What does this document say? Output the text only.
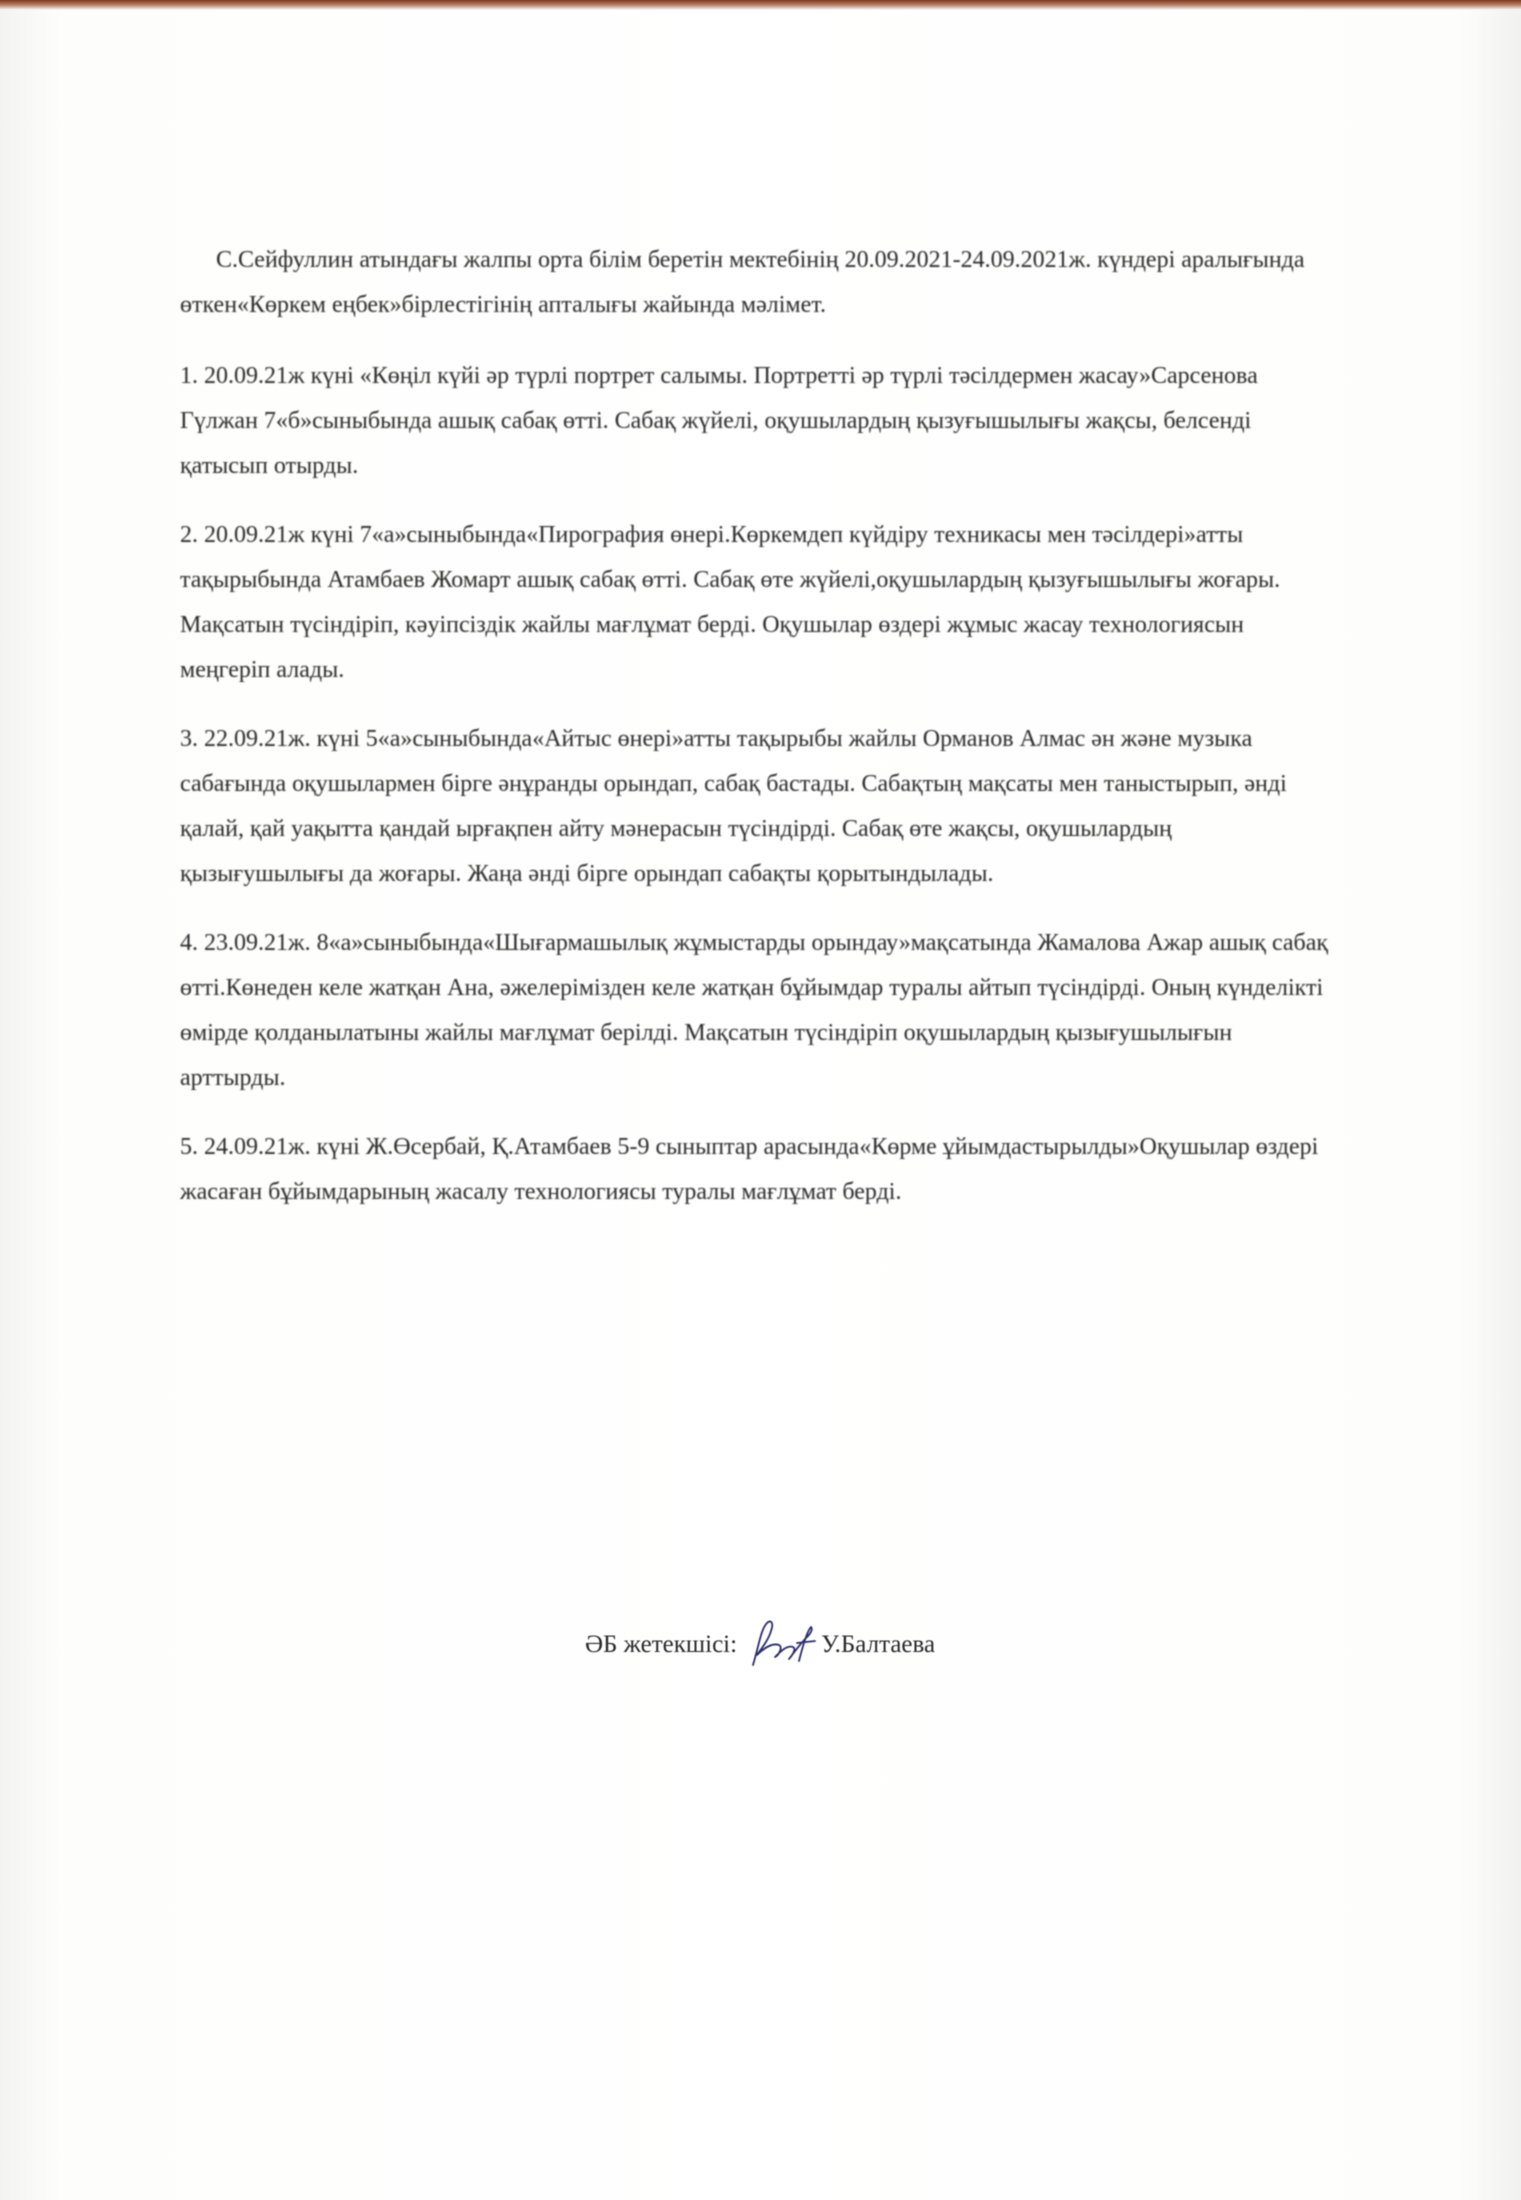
С.Сейфуллин атындағы жалпы орта білім беретін мектебінің 20.09.2021-24.09.2021ж. күндері аралығында өткен«Көркем еңбек»бірлестігінің апталығы жайында мәлімет.

1. 20.09.21ж күні «Көңіл күйі әр түрлі портрет салымы. Портретті әр түрлі тәсілдермен жасау»Сарсенова Гүлжан 7«б»сыныбында ашық сабақ өтті. Сабақ жүйелі, оқушылардың қызуғышылығы жақсы, белсенді қатысып отырды.

2. 20.09.21ж күні 7«а»сыныбында«Пирография өнері.Көркемдеп күйдіру техникасы мен тәсілдері»атты тақырыбында Атамбаев Жомарт ашық сабақ өтті. Сабақ өте жүйелі,оқушылардың қызуғышылығы жоғары. Мақсатын түсіндіріп, кәуіпсіздік жайлы мағлұмат берді. Оқушылар өздері жұмыс жасау технологиясын меңгеріп алады.

3. 22.09.21ж. күні 5«а»сыныбында«Айтыс өнері»атты тақырыбы жайлы Орманов Алмас ән және музыка сабағында оқушылармен бірге әнұранды орындап, сабақ бастады. Сабақтың мақсаты мен таныстырып, әнді қалай, қай уақытта қандай ырғақпен айту мәнерасын түсіндірді. Сабақ өте жақсы, оқушылардың қызығушылығы да жоғары. Жаңа әнді бірге орындап сабақты қорытындылады.

4. 23.09.21ж. 8«а»сыныбында«Шығармашылық жұмыстарды орындау»мақсатында Жамалова Ажар ашық сабақ өтті.Көнеден келе жатқан Ана, әжелерімізден келе жатқан бұйымдар туралы айтып түсіндірді. Оның күнделікті өмірде қолданылатыны жайлы мағлұмат берілді. Мақсатын түсіндіріп оқушылардың қызығушылығын арттырды.

5. 24.09.21ж. күні Ж.Өсербай, Қ.Атамбаев 5-9 сыныптар арасында«Көрме ұйымдастырылды»Оқушылар өздері жасаған бұйымдарының жасалу технологиясы туралы мағлұмат берді.

ӘБ жетекшісі:	У.Балтаева
